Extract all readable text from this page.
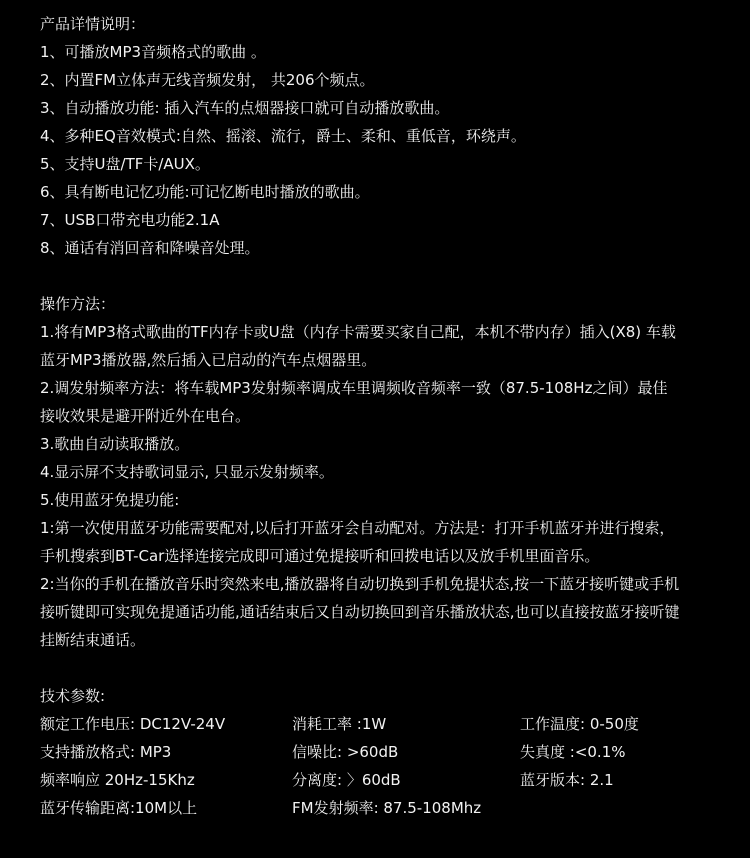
产品详情说明：
1、可播放MP3音频格式的歌曲 。
2、内置FM立体声无线音频发射， 共206个频点。
3、自动播放功能: 插入汽车的点烟器接口就可自动播放歌曲。
4、多种EQ音效模式:自然、摇滚、流行，爵士、柔和、重低音，环绕声。
5、支持U盘/TF卡/AUX。
6、具有断电记忆功能:可记忆断电时播放的歌曲。
7、USB口带充电功能2.1A
8、通话有消回音和降噪音处理。
操作方法：
1.将有MP3格式歌曲的TF内存卡或U盘（内存卡需要买家自己配，本机不带内存）插入(X8) 车载
蓝牙MP3播放器,然后插入已启动的汽车点烟器里。
2.调发射频率方法：将车载MP3发射频率调成车里调频收音频率一致（87.5-108Hz之间）最佳
接收效果是避开附近外在电台。
3.歌曲自动读取播放。
4.显示屏不支持歌词显示, 只显示发射频率。
5.使用蓝牙免提功能:
1:第一次使用蓝牙功能需要配对,以后打开蓝牙会自动配对。方法是：打开手机蓝牙并进行搜索，
手机搜索到BT-Car选择连接完成即可通过免提接听和回拨电话以及放手机里面音乐。
2:当你的手机在播放音乐时突然来电,播放器将自动切换到手机免提状态,按一下蓝牙接听键或手机
接听键即可实现免提通话功能,通话结束后又自动切换回到音乐播放状态,也可以直接按蓝牙接听键
挂断结束通话。
技术参数:
额定工作电压: DC12V-24V	消耗工率 :1W	工作温度: 0-50度
支持播放格式: MP3	信噪比: >60dB	失真度 :<0.1%
频率响应 20Hz-15Khz	分离度: 〉60dB	蓝牙版本: 2.1
蓝牙传输距离:10M以上	FM发射频率: 87.5-108Mhz
